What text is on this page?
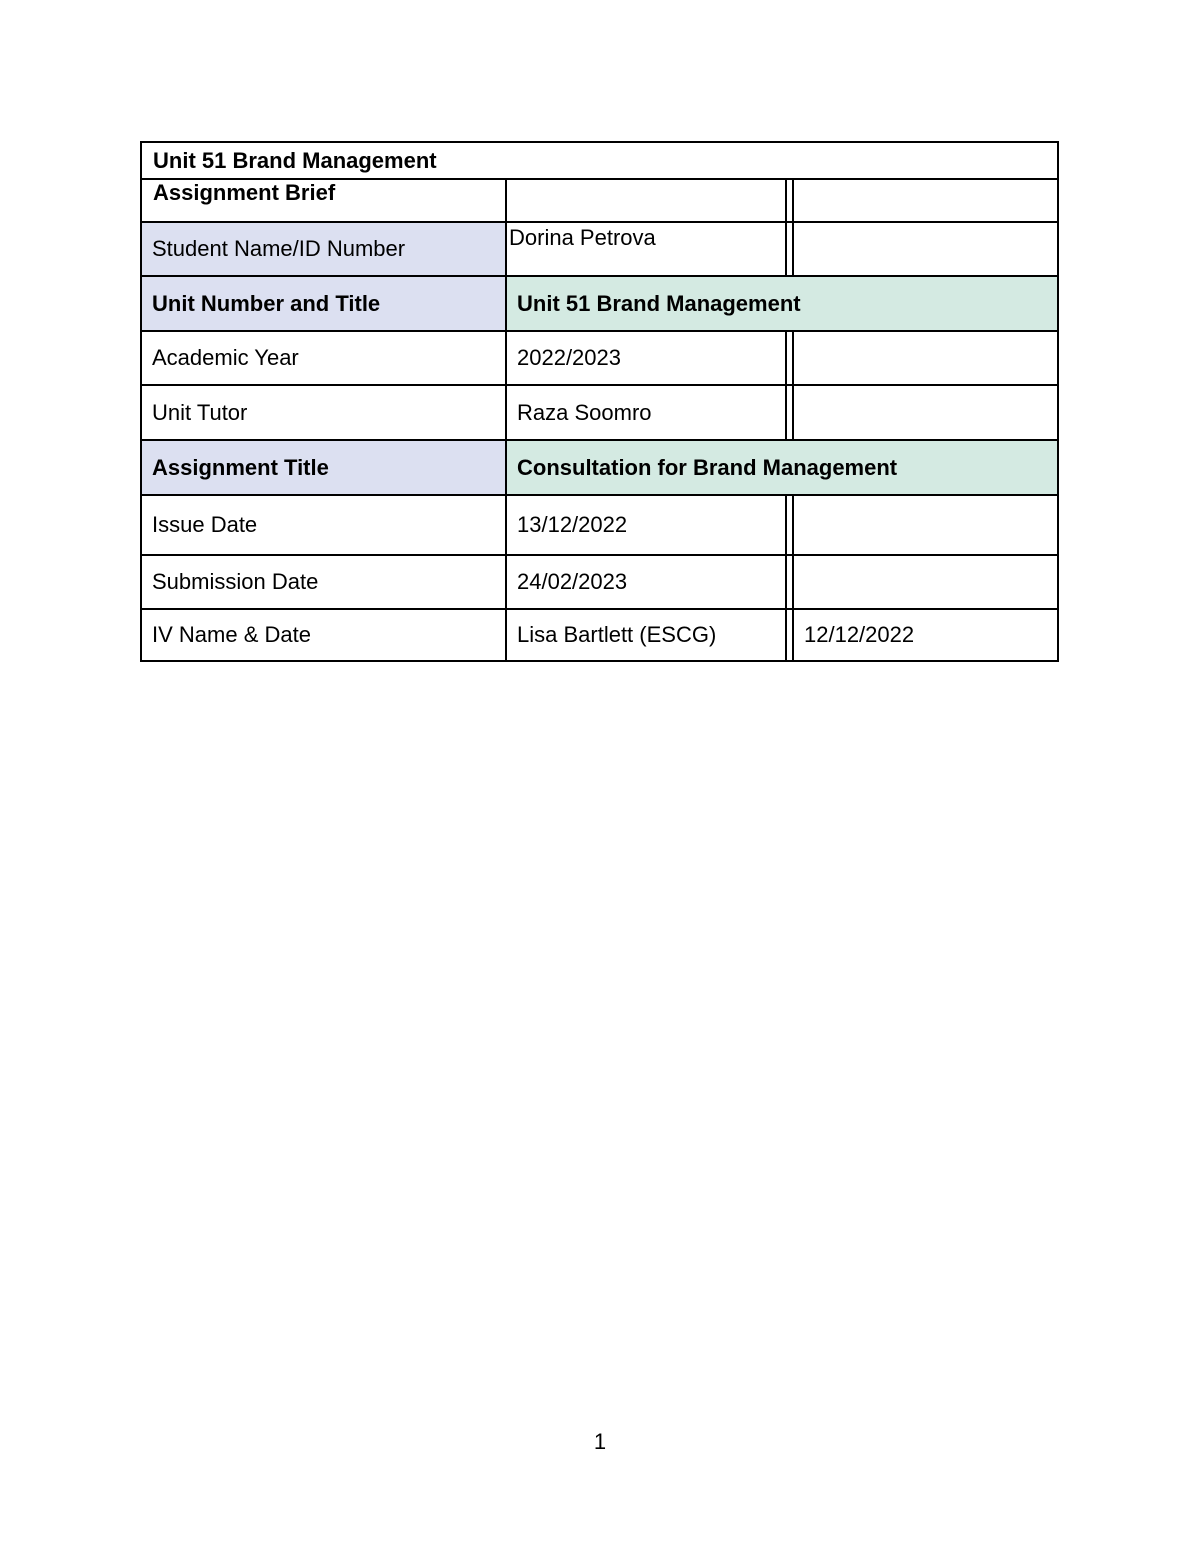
Unit 51 Brand Management
Assignment Brief
Student Name/ID Number	Dorina Petrova
Unit Number and Title	Unit 51 Brand Management
Academic Year	2022/2023
Unit Tutor	Raza Soomro
Assignment Title	Consultation for Brand Management
Issue Date	13/12/2022
Submission Date	24/02/2023
IV Name & Date	Lisa Bartlett (ESCG)	12/12/2022
1
